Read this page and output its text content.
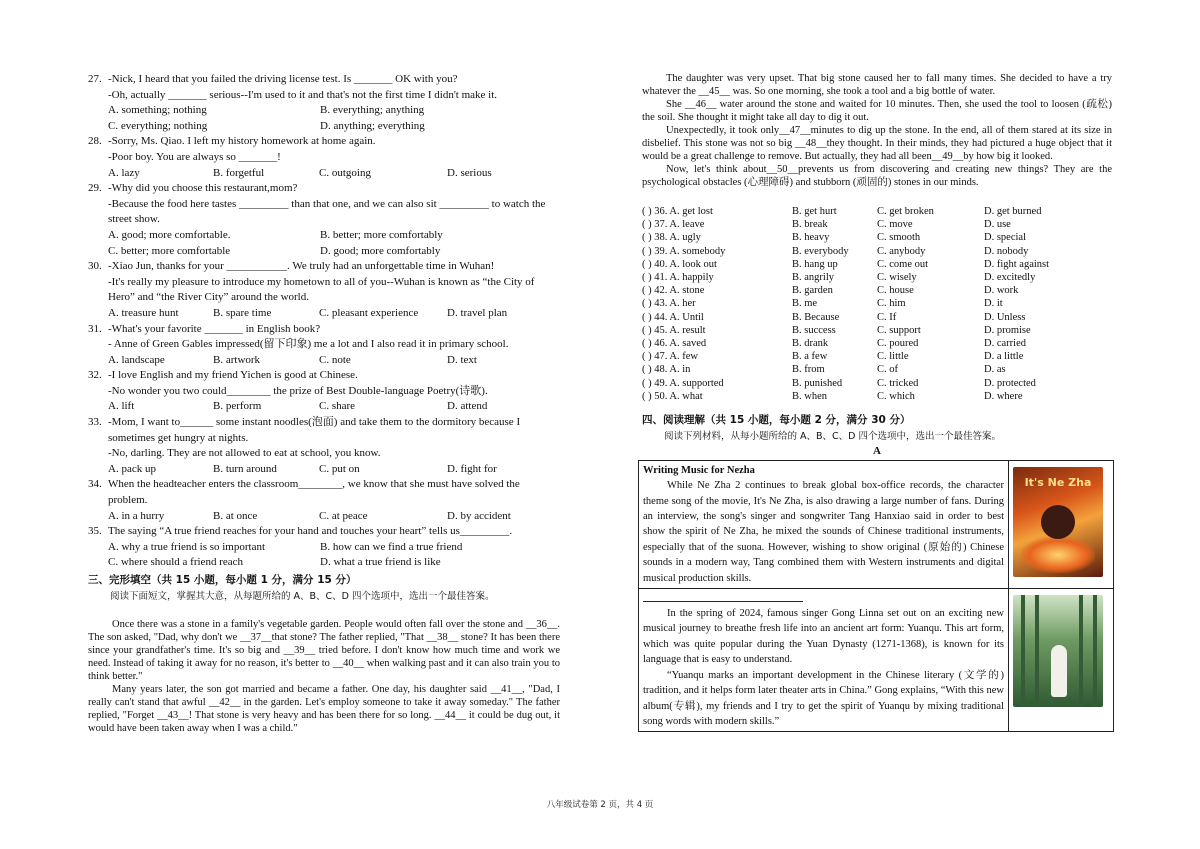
27. -Nick, I heard that you failed the driving license test. Is _______ OK with you?
-Oh, actually _______ serious--I'm used to it and that's not the first time I didn't make it.
A. something; nothing	B. everything; anything
C. everything; nothing	D. anything; everything
28. -Sorry, Ms. Qiao. I left my history homework at home again.
-Poor boy. You are always so _______!
A. lazy	B. forgetful	C. outgoing	D. serious
29. -Why did you choose this restaurant,mom?
-Because the food here tastes _________ than that one, and we can also sit _________ to watch the street show.
A. good; more comfortable.	B. better; more comfortably
C. better; more comfortable	D. good; more comfortably
30. -Xiao Jun, thanks for your ___________. We truly had an unforgettable time in Wuhan!
-It's really my pleasure to introduce my hometown to all of you--Wuhan is known as “the City of Hero” and “the River City” around the world.
A. treasure hunt	B. spare time	C. pleasant experience	D. travel plan
31. -What's your favorite _______ in English book?
- Anne of Green Gables impressed(留下印象) me a lot and I also read it in primary school.
A. landscape	B. artwork	C. note	D. text
32. -I love English and my friend Yichen is good at Chinese.
-No wonder you two could________ the prize of Best Double-language Poetry(诗歌).
A. lift	B. perform	C. share	D. attend
33. -Mom, I want to______ some instant noodles(泡面) and take them to the dormitory because I sometimes get hungry at nights.
-No, darling. They are not allowed to eat at school, you know.
A. pack up	B. turn around	C. put on	D. fight for
34. When the headteacher enters the classroom________, we know that she must have solved the problem.
A. in a hurry	B. at once	C. at peace	D. by accident
35. The saying “A true friend reaches for your hand and touches your heart” tells us_________.
A. why a true friend is so important	B. how can we find a true friend
C. where should a friend reach	D. what a true friend is like
三、完形填空（共 15 小题，每小题 1 分，满分 15 分）
阅读下面短文，掌握其大意，从每题所给的 A、B、C、D 四个选项中，选出一个最佳答案。

Once there was a stone in a family's vegetable garden. People would often fall over the stone and __36__. The son asked, "Dad, why don't we __37__that stone? The father replied, "That __38__ stone? It has been there since your grandfather's time. It's so big and __39__ tried before. I don't know how much time and work we need. Instead of taking it away for no reason, it's better to __40__ when walking past and it can also train you to think better."

Many years later, the son got married and became a father. One day, his daughter said __41__, "Dad, I really can't stand that awful __42__ in the garden. Let's employ someone to take it away someday." The father replied, "Forget __43__! That stone is very heavy and has been there for so long. __44__ it could be dug out, it would have been taken away when I was a child."

The daughter was very upset. That big stone caused her to fall many times. She decided to have a try whatever the __45__ was. So one morning, she took a tool and a big bottle of water.

She __46__ water around the stone and waited for 10 minutes. Then, she used the tool to loosen (疏松) the soil. She thought it might take all day to dig it out.

Unexpectedly, it took only__47__minutes to dig up the stone. In the end, all of them stared at its size in disbelief. This stone was not so big __48__they thought. In their minds, they had pictured a huge object that it would be a great challenge to remove. But actually, they had all been__49__by how big it looked.

Now, let's think about__50__prevents us from discovering and creating new things? They are the psychological obstacles (心理障碍) and stubborn (顽固的) stones in our minds.

( ) 36. A. get lost	B. get hurt	C. get broken	D. get burned
( ) 37. A. leave	B. break	C. move	D. use
( ) 38. A. ugly	B. heavy	C. smooth	D. special
( ) 39. A. somebody	B. everybody	C. anybody	D. nobody
( ) 40. A. look out	B. hang up	C. come out	D. fight against
( ) 41. A. happily	B. angrily	C. wisely	D. excitedly
( ) 42. A. stone	B. garden	C. house	D. work
( ) 43. A. her	B. me	C. him	D. it
( ) 44. A. Until	B. Because	C. If	D. Unless
( ) 45. A. result	B. success	C. support	D. promise
( ) 46. A. saved	B. drank	C. poured	D. carried
( ) 47. A. few	B. a few	C. little	D. a little
( ) 48. A. in	B. from	C. of	D. as
( ) 49. A. supported	B. punished	C. tricked	D. protected
( ) 50. A. what	B. when	C. which	D. where
四、阅读理解（共 15 小题，每小题 2 分，满分 30 分）
阅读下列材料，从每小题所给的 A、B、C、D 四个选项中，选出一个最佳答案。
A
Writing Music for Nezha
While Ne Zha 2 continues to break global box-office records, the character theme song of the movie, It's Ne Zha, is also drawing a large number of fans. During an interview, the song's singer and songwriter Tang Hanxiao said in order to best show the spirit of Ne Zha, he mixed the sounds of Chinese traditional instruments, especially that of the suona. However, wishing to show original (原始的) Chinese sounds in a modern way, Tang combined them with Western instruments and digital musical production skills.	It's Ne Zha

In the spring of 2024, famous singer Gong Linna set out on an exciting new musical journey to breathe fresh life into an ancient art form: Yuanqu. This art form, which was quite popular during the Yuan Dynasty (1271-1368), is known for its language that is easy to understand.
“Yuanqu marks an important development in the Chinese literary (文学的) tradition, and it helps form later theater arts in China.” Gong explains, “With this new album(专辑), my friends and I try to get the spirit of Yuanqu by mixing traditional song words with modern skills.”	

八年级试卷第 2 页，共 4 页
